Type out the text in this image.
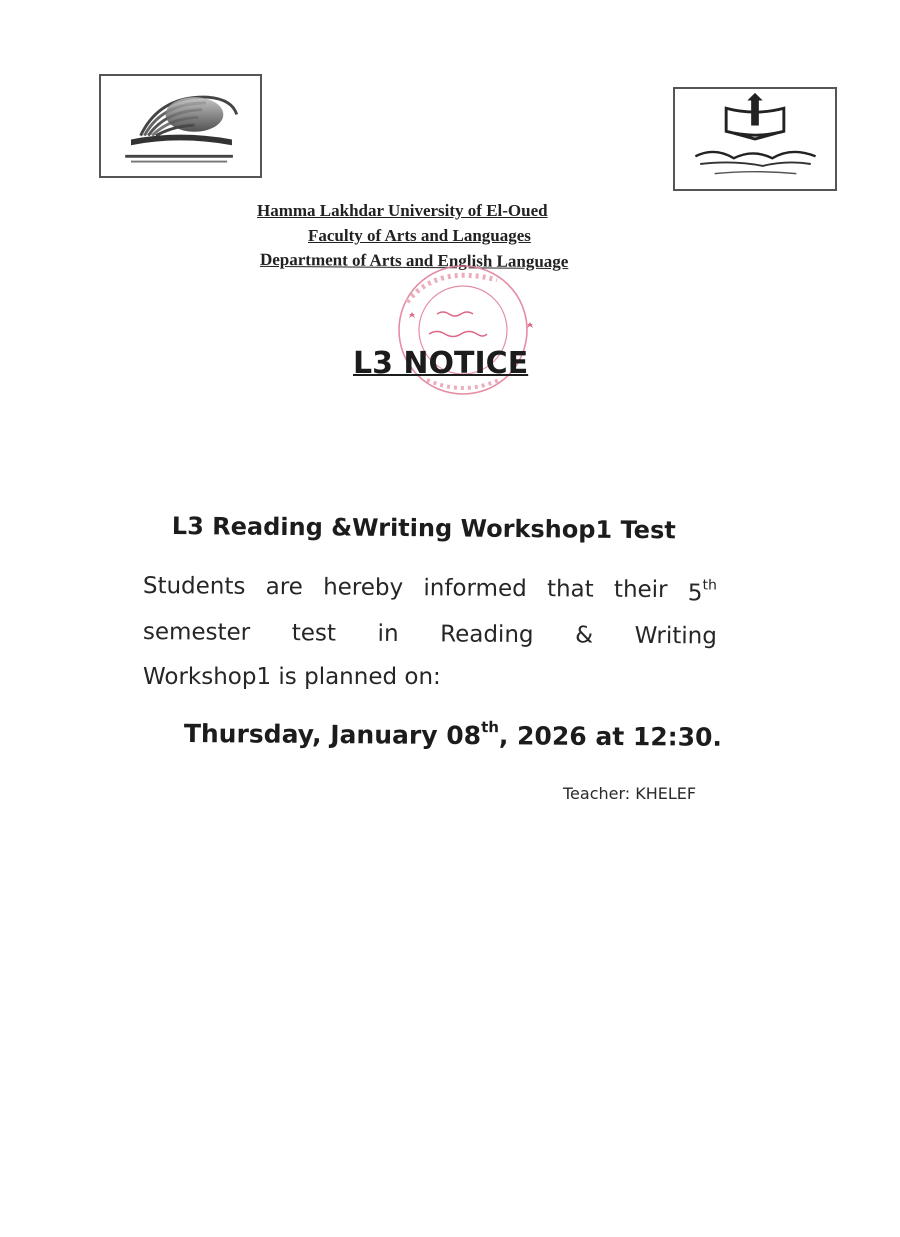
Hamma Lakhdar University of El-Oued
Faculty of Arts and Languages
Department of Arts and English Language
L3 NOTICE
L3 Reading &Writing Workshop1 Test
Students are hereby informed that their 5th
semester test in Reading & Writing
Workshop1 is planned on:
Thursday, January 08th, 2026 at 12:30.
Teacher: KHELEF
